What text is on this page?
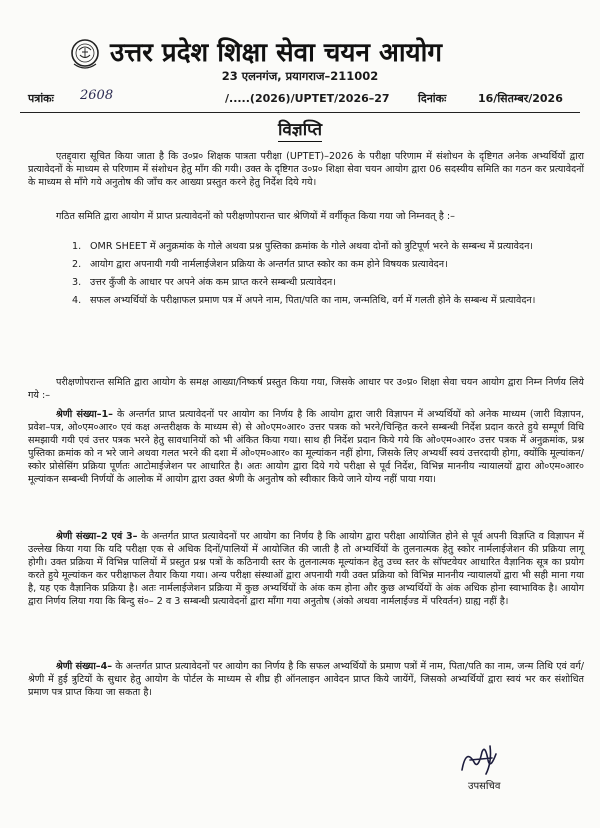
उत्तर प्रदेश शिक्षा सेवा चयन आयोग
23 एलनगंज, प्रयागराज–211002
पत्रांकः 2608	/.....(2026)/UPTET/2026–27	दिनांकः	16/सितम्बर/2026
विज्ञप्ति

एतद्द्वारा सूचित किया जाता है कि उ०प्र० शिक्षक पात्रता परीक्षा (UPTET)–2026 के परीक्षा परिणाम में संशोधन के दृष्टिगत अनेक अभ्यर्थियों द्वारा प्रत्यावेदनों के माध्यम से परिणाम में संशोधन हेतु माँग की गयी। उक्त के दृष्टिगत उ०प्र० शिक्षा सेवा चयन आयोग द्वारा 06 सदस्यीय समिति का गठन कर प्रत्यावेदनों के माध्यम से माँगे गये अनुतोष की जाँच कर आख्या प्रस्तुत करने हेतु निर्देश दिये गये।

गठित समिति द्वारा आयोग में प्राप्त प्रत्यावेदनों को परीक्षणोपरान्त चार श्रेणियों में वर्गीकृत किया गया जो निम्नवत् है :–

1. OMR SHEET में अनुक्रमांक के गोले अथवा प्रश्न पुस्तिका क्रमांक के गोले अथवा दोनों को त्रुटिपूर्ण भरने के सम्बन्ध में प्रत्यावेदन।
2. आयोग द्वारा अपनायी गयी नार्मलाईजेशन प्रक्रिया के अन्तर्गत प्राप्त स्कोर का कम होने विषयक प्रत्यावेदन।
3. उत्तर कुँजी के आधार पर अपने अंक कम प्राप्त करने सम्बन्धी प्रत्यावेदन।
4. सफल अभ्यर्थियों के परीक्षाफल प्रमाण पत्र में अपने नाम, पिता/पति का नाम, जन्मतिथि, वर्ग में गलती होने के सम्बन्ध में प्रत्यावेदन।

परीक्षणोपरान्त समिति द्वारा आयोग के समक्ष आख्या/निष्कर्ष प्रस्तुत किया गया, जिसके आधार पर उ०प्र० शिक्षा सेवा चयन आयोग द्वारा निम्न निर्णय लिये गये :–

श्रेणी संख्या–1– के अन्तर्गत प्राप्त प्रत्यावेदनों पर आयोग का निर्णय है कि आयोग द्वारा जारी विज्ञापन में अभ्यर्थियों को अनेक माध्यम (जारी विज्ञापन, प्रवेश–पत्र, ओ०एम०आर० एवं कक्ष अन्तरीक्षक के माध्यम से) से ओ०एम०आर० उत्तर पत्रक को भरने/चिन्हित करने सम्बन्धी निर्देश प्रदान करते हुये सम्पूर्ण विधि समझायी गयी एवं उत्तर पत्रक भरने हेतु सावधानियों को भी अंकित किया गया। साथ ही निर्देश प्रदान किये गये कि ओ०एम०आर० उत्तर पत्रक में अनुक्रमांक, प्रश्न पुस्तिका क्रमांक को न भरे जाने अथवा गलत भरने की दशा में ओ०एम०आर० का मूल्यांकन नहीं होगा, जिसके लिए अभ्यर्थी स्वयं उत्तरदायी होगा, क्योंकि मूल्यांकन/स्कोर प्रोसेसिंग प्रक्रिया पूर्णतः आटोमाईजेशन पर आधारित है। अतः आयोग द्वारा दिये गये परीक्षा से पूर्व निर्देश, विभिन्न माननीय न्यायालयों द्वारा ओ०एम०आर० मूल्यांकन सम्बन्धी निर्णयों के आलोक में आयोग द्वारा उक्त श्रेणी के अनुतोष को स्वीकार किये जाने योग्य नहीं पाया गया।

श्रेणी संख्या–2 एवं 3– के अन्तर्गत प्राप्त प्रत्यावेदनों पर आयोग का निर्णय है कि आयोग द्वारा परीक्षा आयोजित होने से पूर्व अपनी विज्ञप्ति व विज्ञापन में उल्लेख किया गया कि यदि परीक्षा एक से अधिक दिनों/पालियों में आयोजित की जाती है तो अभ्यर्थियों के तुलनात्मक हेतु स्कोर नार्मलाईजेशन की प्रक्रिया लागू होगी। उक्त प्रक्रिया में विभिन्न पालियों में प्रस्तुत प्रश्न पत्रों के कठिनायी स्तर के तुलनात्मक मूल्यांकन हेतु उच्च स्तर के सॉफ्टवेयर आधारित वैज्ञानिक सूत्र का प्रयोग करते हुये मूल्यांकन कर परीक्षाफल तैयार किया गया। अन्य परीक्षा संस्थाओं द्वारा अपनायी गयी उक्त प्रक्रिया को विभिन्न माननीय न्यायालयों द्वारा भी सही माना गया है, यह एक वैज्ञानिक प्रक्रिया है। अतः नार्मलाईजेशन प्रक्रिया में कुछ अभ्यर्थियों के अंक कम होना और कुछ अभ्यर्थियों के अंक अधिक होना स्वाभाविक है। आयोग द्वारा निर्णय लिया गया कि बिन्दु सं०– 2 व 3 सम्बन्धी प्रत्यावेदनों द्वारा माँगा गया अनुतोष (अंको अथवा नार्मलाईज्ड में परिवर्तन) ग्राह्य नहीं है।

श्रेणी संख्या–4– के अन्तर्गत प्राप्त प्रत्यावेदनों पर आयोग का निर्णय है कि सफल अभ्यर्थियों के प्रमाण पत्रों में नाम, पिता/पति का नाम, जन्म तिथि एवं वर्ग/श्रेणी में हुई त्रुटियों के सुधार हेतु आयोग के पोर्टल के माध्यम से शीघ्र ही ऑनलाइन आवेदन प्राप्त किये जायेंगें, जिसको अभ्यर्थियों द्वारा स्वयं भर कर संशोधित प्रमाण पत्र प्राप्त किया जा सकता है।

उपसचिव
